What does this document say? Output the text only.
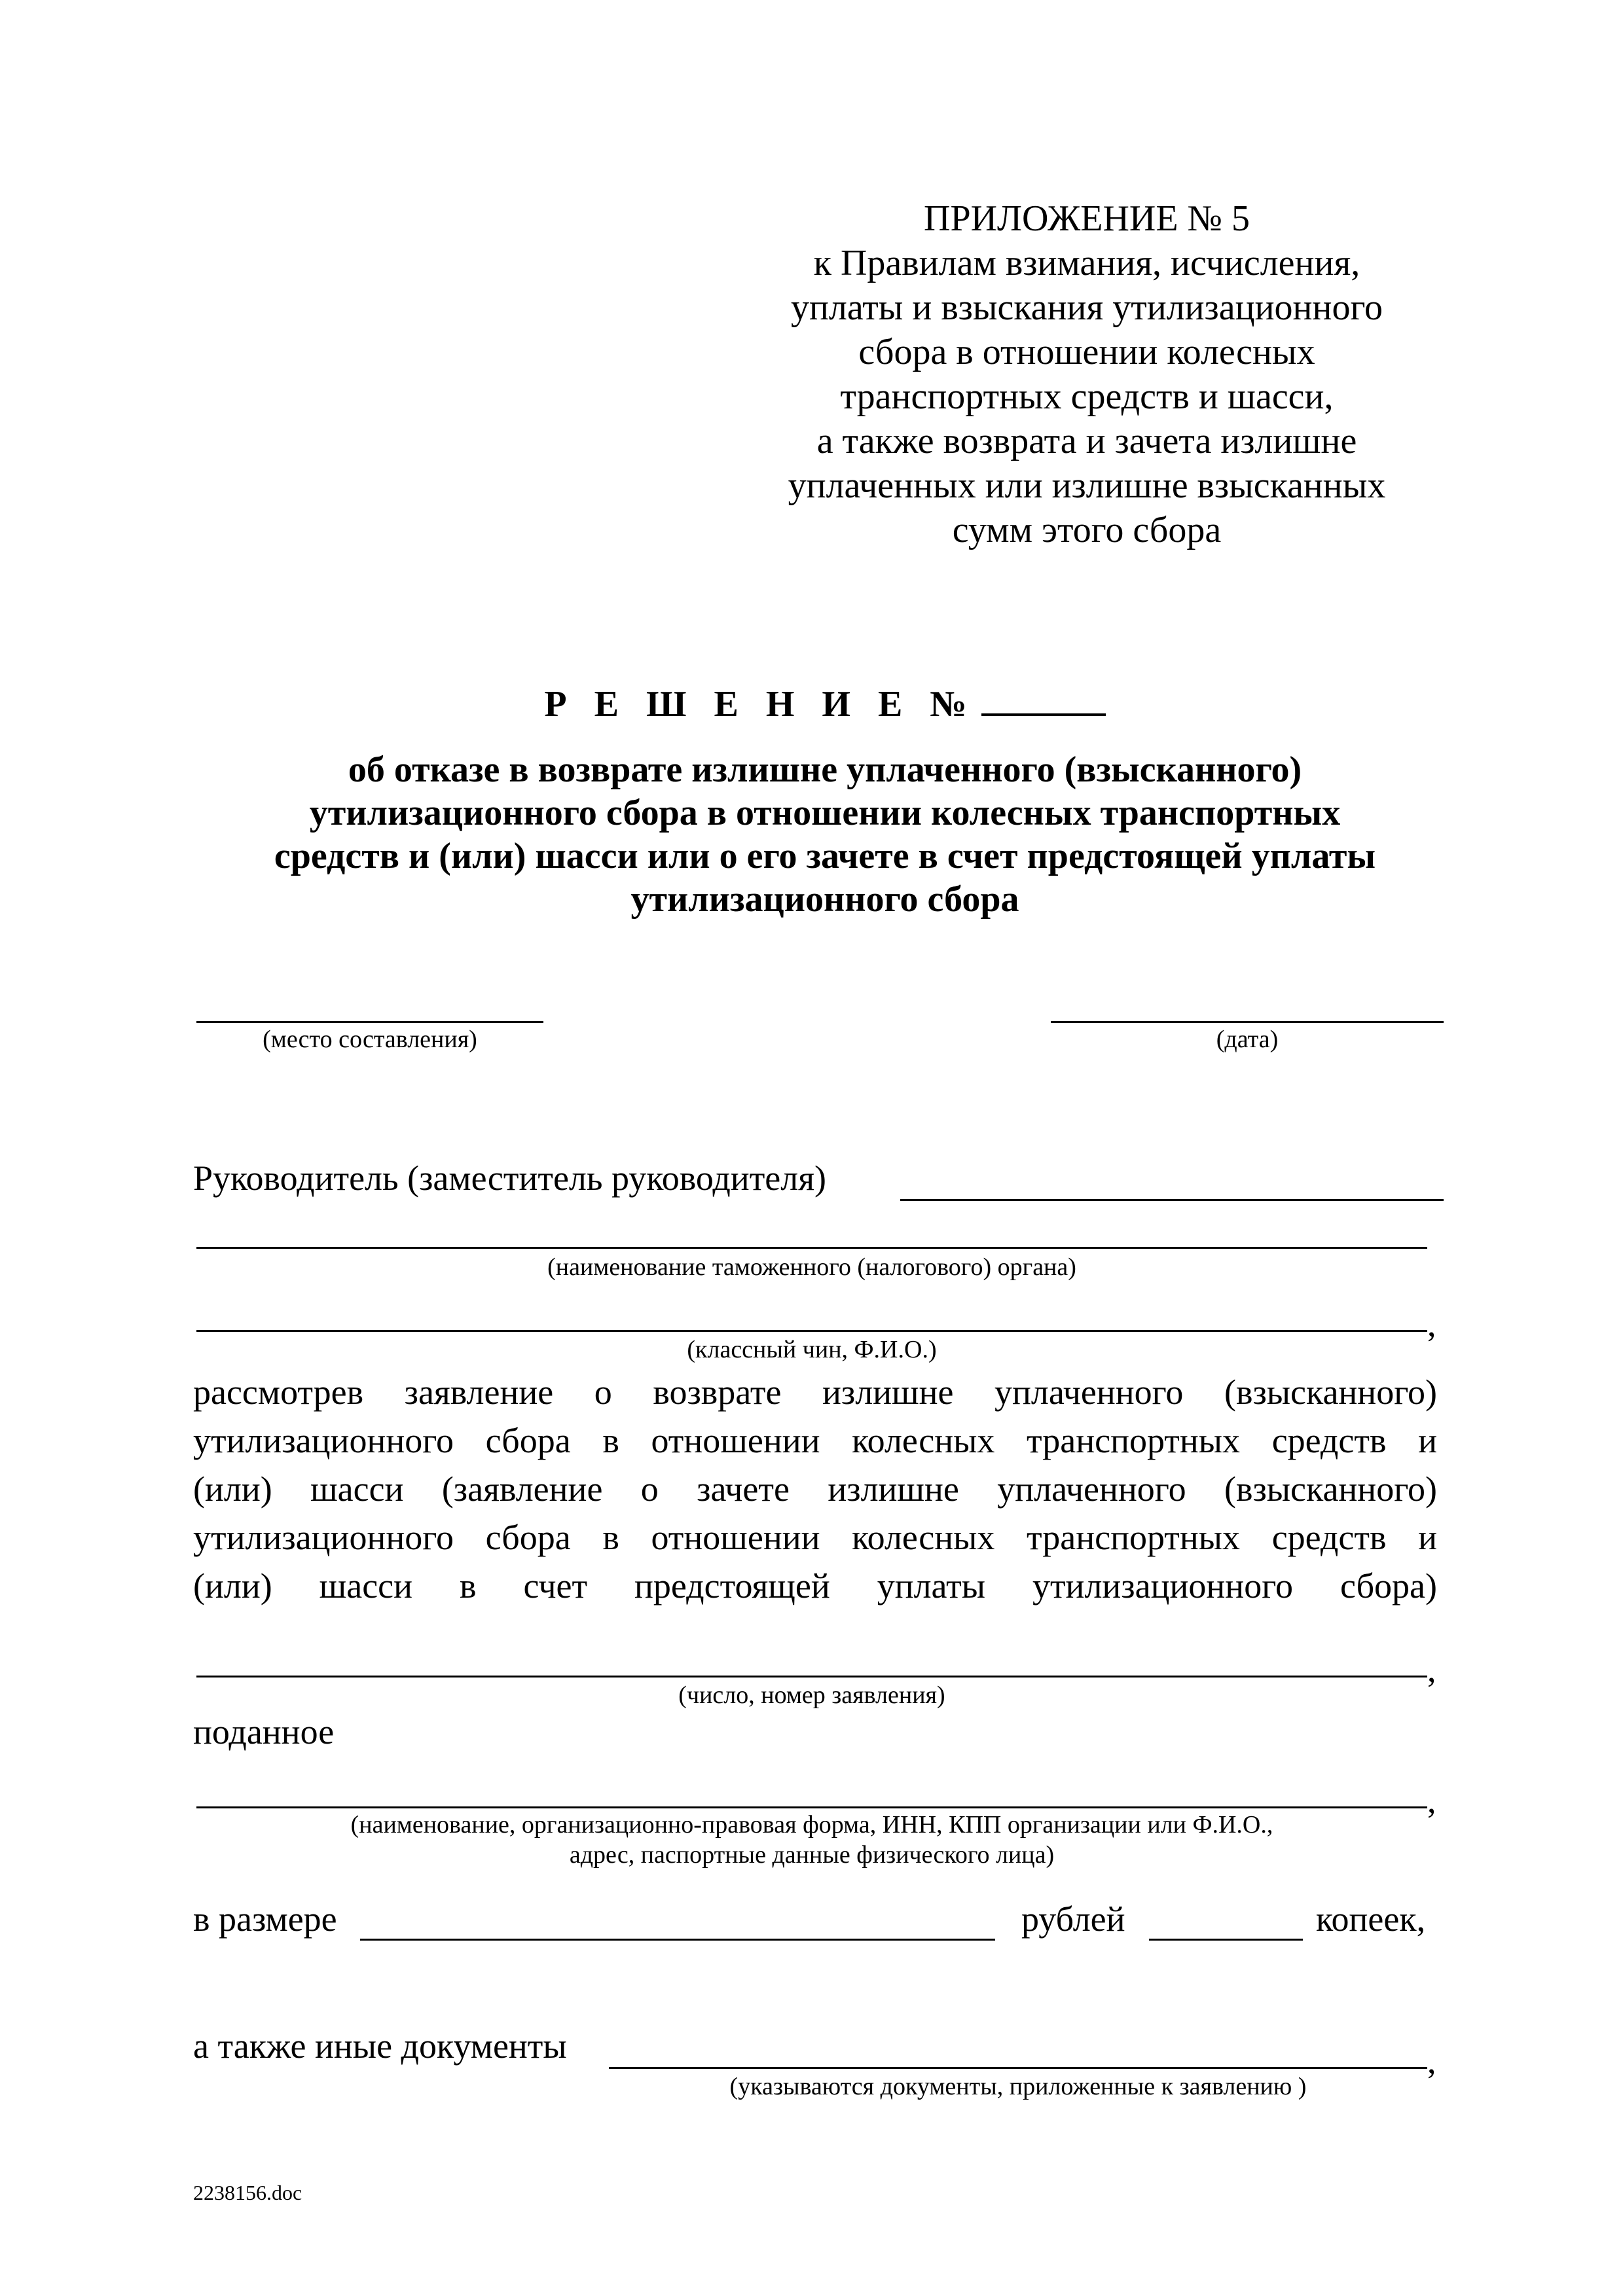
ПРИЛОЖЕНИЕ № 5
к Правилам взимания, исчисления,
уплаты и взыскания утилизационного
сбора в отношении колесных
транспортных средств и шасси,
а также возврата и зачета излишне
уплаченных или излишне взысканных
сумм этого сбора
Р Е Ш Е Н И Е №
об отказе в возврате излишне уплаченного (взысканного)
утилизационного сбора в отношении колесных транспортных
средств и (или) шасси или о его зачете в счет предстоящей уплаты
утилизационного сбора
(место составления)	(дата)
Руководитель (заместитель руководителя)
(наименование таможенного (налогового) органа)
,
(классный чин, Ф.И.О.)
рассмотрев заявление о возврате излишне уплаченного (взысканного)
утилизационного сбора в отношении колесных транспортных средств и
(или) шасси (заявление о зачете излишне уплаченного (взысканного)
утилизационного сбора в отношении колесных транспортных средств и
(или) шасси в счет предстоящей уплаты утилизационного сбора)
,
(число, номер заявления)
поданное
,
(наименование, организационно-правовая форма, ИНН, КПП организации или Ф.И.О.,
адрес, паспортные данные физического лица)
в размере	рублей	копеек,
а также иные документы	,
(указываются документы, приложенные к заявлению )
2238156.doc
